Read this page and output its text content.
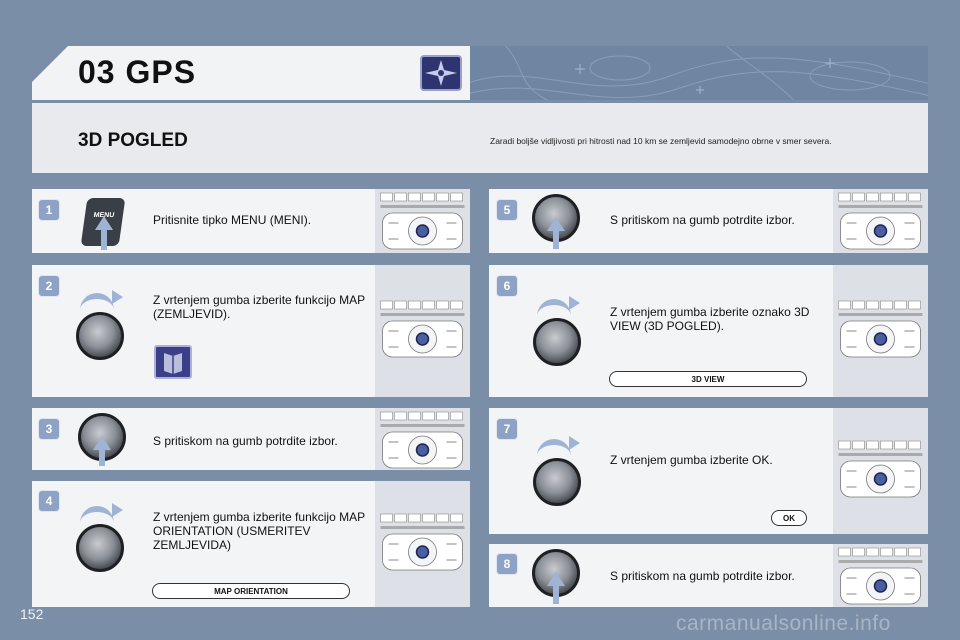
03 GPS
3D POGLED	Zaradi boljše vidljivosti pri hitrosti nad 10 km se zemljevid samodejno obrne v smer severa.
1	MENU	Pritisnite tipko MENU (MENI).
2
Z vrtenjem gumba izberite funkcijo MAP (ZEMLJEVID).
3
S pritiskom na gumb potrdite izbor.
4
Z vrtenjem gumba izberite funkcijo MAP ORIENTATION (USMERITEV ZEMLJEVIDA)
MAP ORIENTATION
5
S pritiskom na gumb potrdite izbor.
6
Z vrtenjem gumba izberite oznako 3D VIEW (3D POGLED).
3D VIEW
7
Z vrtenjem gumba izberite OK.
OK
8
S pritiskom na gumb potrdite izbor.
152	carmanualsonline.info
